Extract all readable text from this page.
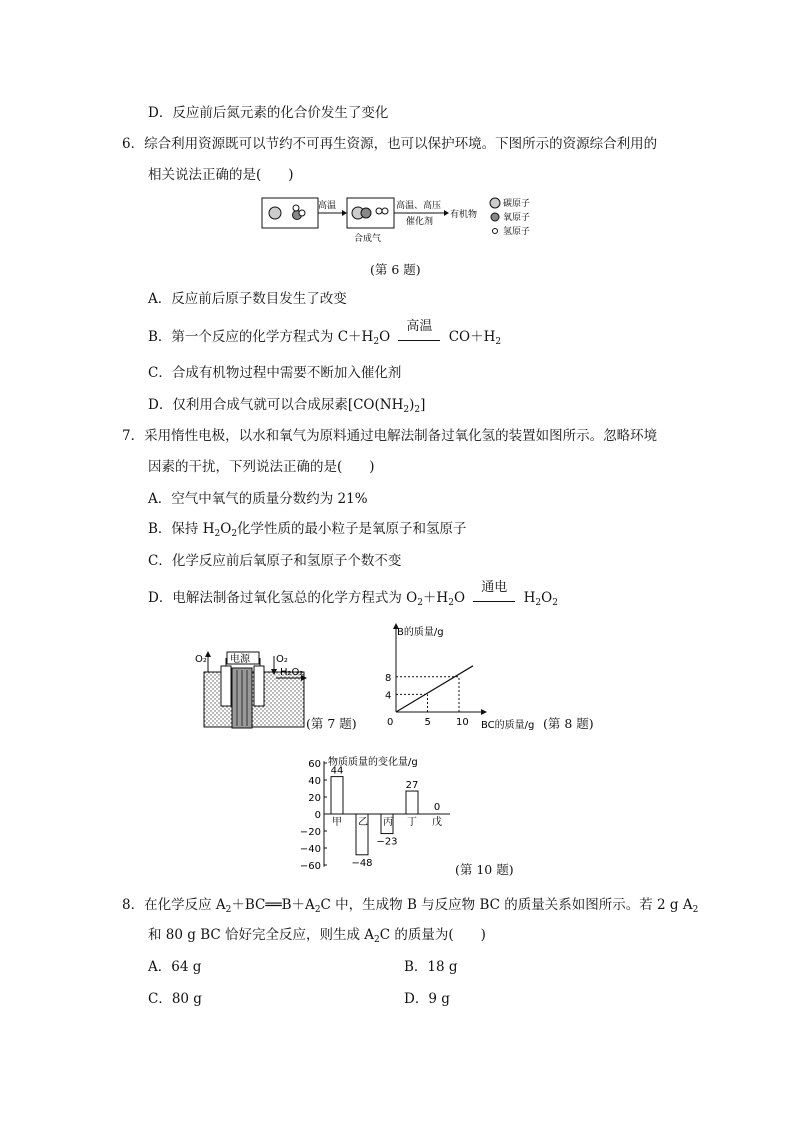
D．反应前后氮元素的化合价发生了变化
6．综合利用资源既可以节约不可再生资源，也可以保护环境。下图所示的资源综合利用的
相关说法正确的是(　　)
高温
合成气
高温、高压
催化剂
有机物
碳原子
氧原子
氢原子
(第 6 题)
A．反应前后原子数目发生了改变
B．第一个反应的化学方程式为 $C+H_2O$
高温
$CO+H_2$
C．合成有机物过程中需要不断加入催化剂
D．仅利用合成气就可以合成尿素$[CO(NH_2)_2]$
7．采用惰性电极，以水和氧气为原料通过电解法制备过氧化氢的装置如图所示。忽略环境
因素的干扰，下列说法正确的是(　　)
A．空气中氧气的质量分数约为 21%
B．保持 $H_2O_2$化学性质的最小粒子是氧原子和氢原子
C．化学反应前后氧原子和氢原子个数不变
D．电解法制备过氧化氢总的化学方程式为 $O_2+H_2O$
通电
$H_2O_2$
电源
O₂	O₂
H₂O₂
(第 7 题)
B的质量/g
BC的质量/g
0	5
4
10
8
(第 8 题)
物质质量的变化量/g
60
40
20
0
−20
−40
−60
44
甲
−48
乙
−23
丙
27
丁
0
戊
(第 10 题)
8．在化学反应 $A_2+BC══B+A_2C$ 中，生成物 B 与反应物 BC 的质量关系如图所示。若 2 g $A_2$
和 80 g BC 恰好完全反应，则生成 $A_2C$ 的质量为(　　)
A．64 g	B．18 g
C．80 g	D．9 g
